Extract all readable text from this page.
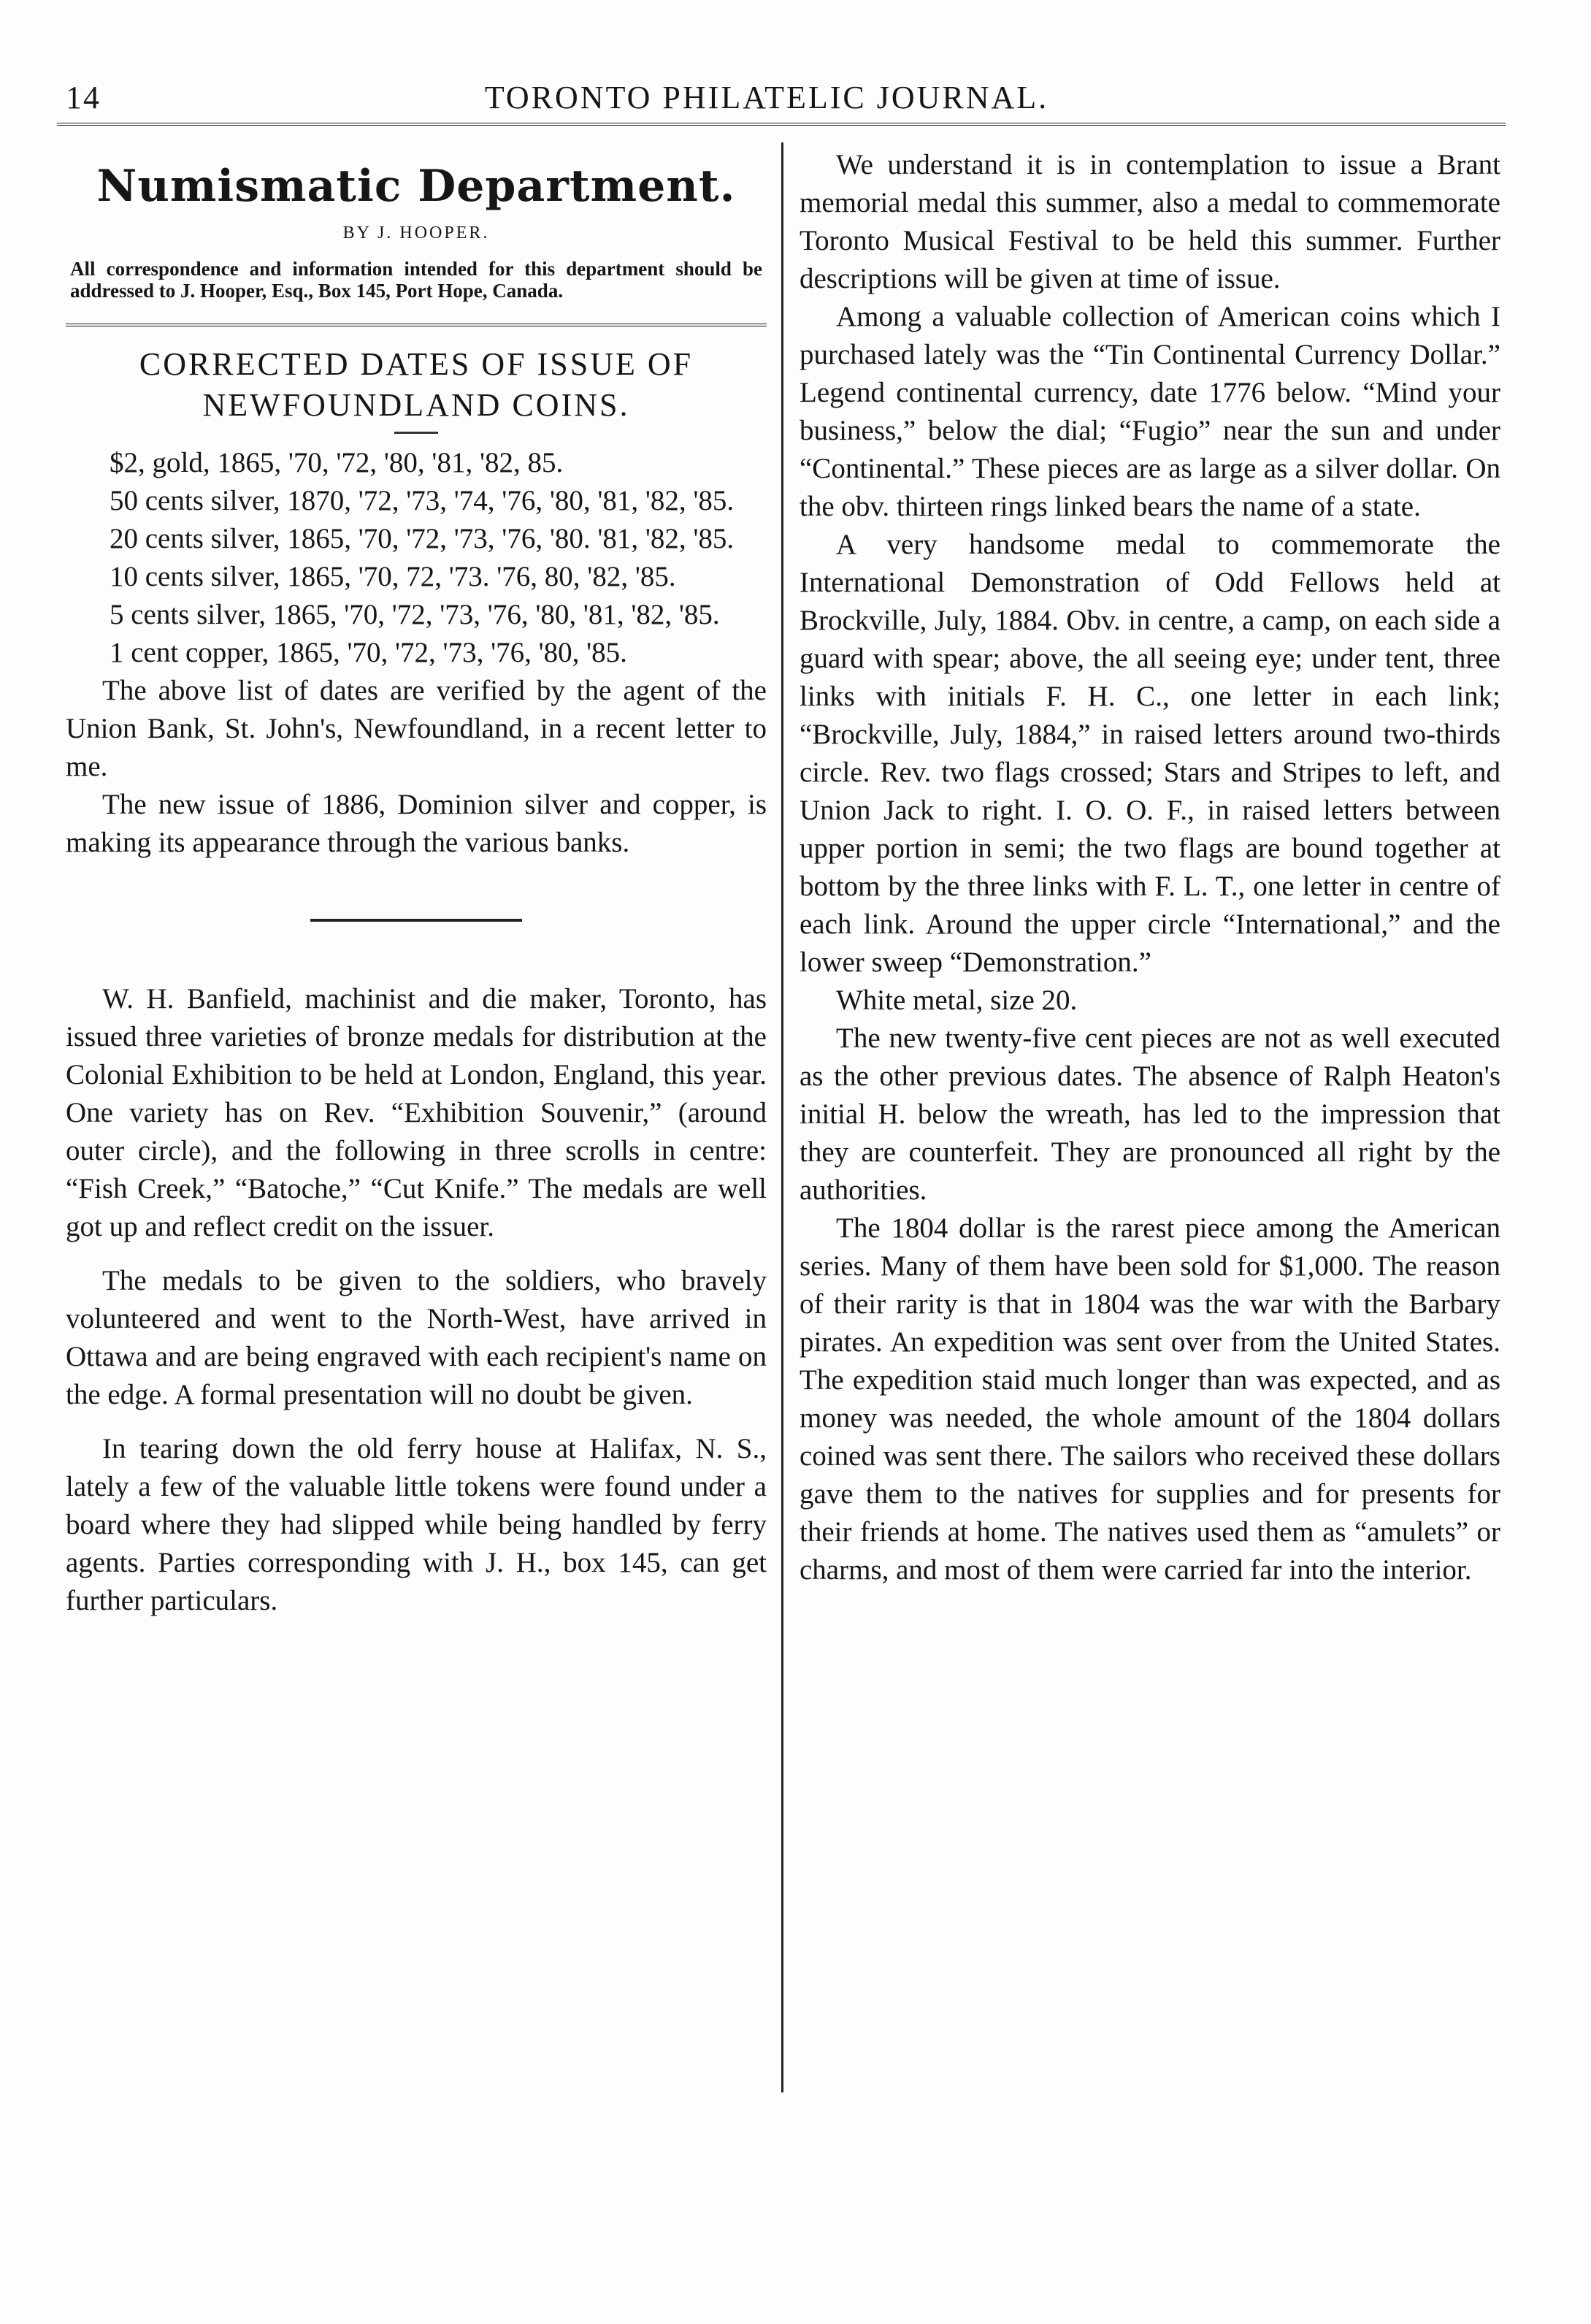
14	TORONTO PHILATELIC JOURNAL.
Numismatic Department.
BY J. HOOPER.
All correspondence and information intended for this department should be addressed to J. Hooper, Esq., Box 145, Port Hope, Canada.
CORRECTED DATES OF ISSUE OF
NEWFOUNDLAND COINS.

$2, gold, 1865, '70, '72, '80, '81, '82, 85.

50 cents silver, 1870, '72, '73, '74, '76, '80, '81, '82, '85.

20 cents silver, 1865, '70, '72, '73, '76, '80. '81, '82, '85.

10 cents silver, 1865, '70, 72, '73. '76, 80, '82, '85.

5 cents silver, 1865, '70, '72, '73, '76, '80, '81, '82, '85.

1 cent copper, 1865, '70, '72, '73, '76, '80, '85.

The above list of dates are verified by the agent of the Union Bank, St. John's, Newfoundland, in a recent letter to me.

The new issue of 1886, Dominion silver and copper, is making its appearance through the various banks.

W. H. Banfield, machinist and die maker, Toronto, has issued three varieties of bronze medals for distribution at the Colonial Exhibition to be held at London, England, this year. One variety has on Rev. “Exhibition Souvenir,” (around outer circle), and the following in three scrolls in centre: “Fish Creek,” “Batoche,” “Cut Knife.” The medals are well got up and reflect credit on the issuer.

The medals to be given to the soldiers, who bravely volunteered and went to the North-West, have arrived in Ottawa and are being engraved with each recipient's name on the edge. A formal presentation will no doubt be given.

In tearing down the old ferry house at Halifax, N. S., lately a few of the valuable little tokens were found under a board where they had slipped while being handled by ferry agents. Parties corresponding with J. H., box 145, can get further particulars.

We understand it is in contemplation to issue a Brant memorial medal this summer, also a medal to commemorate Toronto Musical Festival to be held this summer. Further descriptions will be given at time of issue.

Among a valuable collection of American coins which I purchased lately was the “Tin Continental Currency Dollar.” Legend continental currency, date 1776 below. “Mind your business,” below the dial; “Fugio” near the sun and under “Continental.” These pieces are as large as a silver dollar. On the obv. thirteen rings linked bears the name of a state.

A very handsome medal to commemorate the International Demonstration of Odd Fellows held at Brockville, July, 1884. Obv. in centre, a camp, on each side a guard with spear; above, the all seeing eye; under tent, three links with initials F. H. C., one letter in each link; “Brockville, July, 1884,” in raised letters around two-thirds circle. Rev. two flags crossed; Stars and Stripes to left, and Union Jack to right. I. O. O. F., in raised letters between upper portion in semi; the two flags are bound together at bottom by the three links with F. L. T., one letter in centre of each link. Around the upper circle “International,” and the lower sweep “Demonstration.”

White metal, size 20.

The new twenty-five cent pieces are not as well executed as the other previous dates. The absence of Ralph Heaton's initial H. below the wreath, has led to the impression that they are counterfeit. They are pronounced all right by the authorities.

The 1804 dollar is the rarest piece among the American series. Many of them have been sold for $1,000. The reason of their rarity is that in 1804 was the war with the Barbary pirates. An expedition was sent over from the United States. The expedition staid much longer than was expected, and as money was needed, the whole amount of the 1804 dollars coined was sent there. The sailors who received these dollars gave them to the natives for supplies and for presents for their friends at home. The natives used them as “amulets” or charms, and most of them were carried far into the interior.
